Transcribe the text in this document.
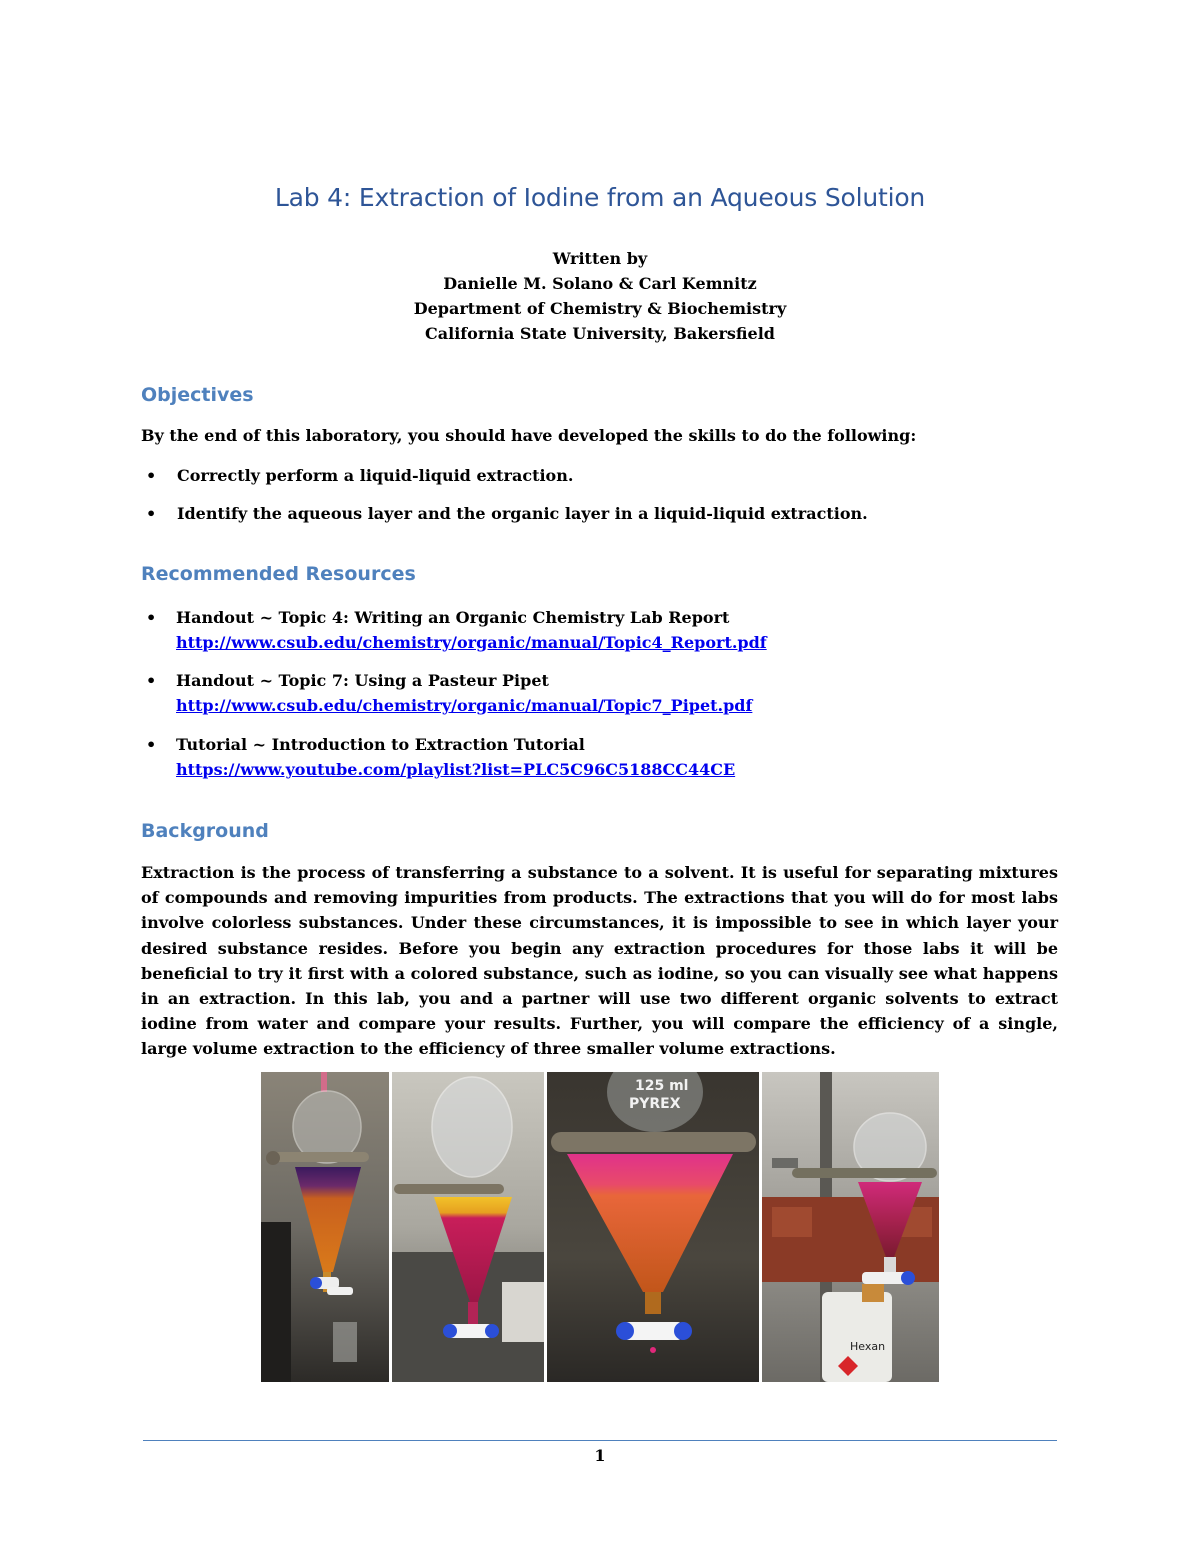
Lab 4: Extraction of Iodine from an Aqueous Solution
Written by
Danielle M. Solano & Carl Kemnitz
Department of Chemistry & Biochemistry
California State University, Bakersfield
Objectives
By the end of this laboratory, you should have developed the skills to do the following:
• Correctly perform a liquid-liquid extraction.
• Identify the aqueous layer and the organic layer in a liquid-liquid extraction.
Recommended Resources
• Handout ~ Topic 4: Writing an Organic Chemistry Lab Report
http://www.csub.edu/chemistry/organic/manual/Topic4_Report.pdf
• Handout ~ Topic 7: Using a Pasteur Pipet
http://www.csub.edu/chemistry/organic/manual/Topic7_Pipet.pdf
• Tutorial ~ Introduction to Extraction Tutorial
https://www.youtube.com/playlist?list=PLC5C96C5188CC44CE
Background
Extraction is the process of transferring a substance to a solvent. It is useful for separating mixtures of compounds and removing impurities from products. The extractions that you will do for most labs involve colorless substances. Under these circumstances, it is impossible to see in which layer your desired substance resides. Before you begin any extraction procedures for those labs it will be beneficial to try it first with a colored substance, such as iodine, so you can visually see what happens in an extraction. In this lab, you and a partner will use two different organic solvents to extract iodine from water and compare your results. Further, you will compare the efficiency of a single, large volume extraction to the efficiency of three smaller volume extractions.
125 ml
PYREX
Hexan
1
